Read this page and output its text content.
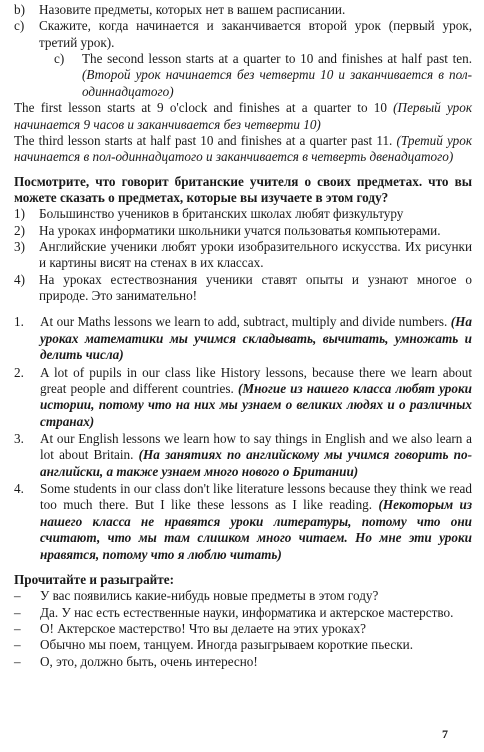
b)	Назовите предметы, которых нет в вашем расписании.
c)	Скажите, когда начинается и заканчивается второй урок (первый урок, третий урок).
c)	The second lesson starts at a quarter to 10 and finishes at half past ten. (Второй урок начинается без четверти 10 и заканчивается в пол-одиннадцатого)

The first lesson starts at 9 o'clock and finishes at a quarter to 10 (Первый урок начинается 9 часов и заканчивается без четверти 10)

The third lesson starts at half past 10 and finishes at a quarter past 11. (Третий урок начинается в пол-одиннадцатого и заканчивается в четверть двенадцатого)

Посмотрите, что говорит британские учителя о своих предметах. что вы можете сказать о предметах, которые вы изучаете в этом году?

1)	Большинство учеников в британских школах любят физкультуру
2)	На уроках информатики школьники учатся пользоватья компьютерами.
3)	Английские ученики любят уроки изобразительного искусства. Их рисунки и картины висят на стенах в их классах.
4)	На уроках естествознания ученики ставят опыты и узнают многое о природе. Это занимательно!
1.	At our Maths lessons we learn to add, subtract, multiply and divide numbers. (На уроках математики мы учимся складывать, вычитать, умножать и делить числа)
2.	A lot of pupils in our class like History lessons, because there we learn about great people and different countries. (Многие из нашего класса любят уроки истории, потому что на них мы узнаем о великих людях и о различных странах)
3.	At our English lessons we learn how to say things in English and we also learn a lot about Britain. (На занятиях по английскому мы учимся говорить по-английски, а также узнаем много нового о Британии)
4.	Some students in our class don't like literature lessons because they think we read too much there. But I like these lessons as I like reading. (Некоторым из нашего класса не нравятся уроки литературы, потому что они считают, что мы там слишком много читаем. Но мне эти уроки нравятся, потому что я люблю читать)

Прочитайте и разыграйте:

–	У вас появились какие-нибудь новые предметы в этом году?
–	Да. У нас есть естественные науки, информатика и актерское мастерство.
–	О! Актерское мастерство! Что вы делаете на этих уроках?
–	Обычно мы поем, танцуем. Иногда разыгрываем короткие пьески.
–	О, это, должно быть, очень интересно!
7
